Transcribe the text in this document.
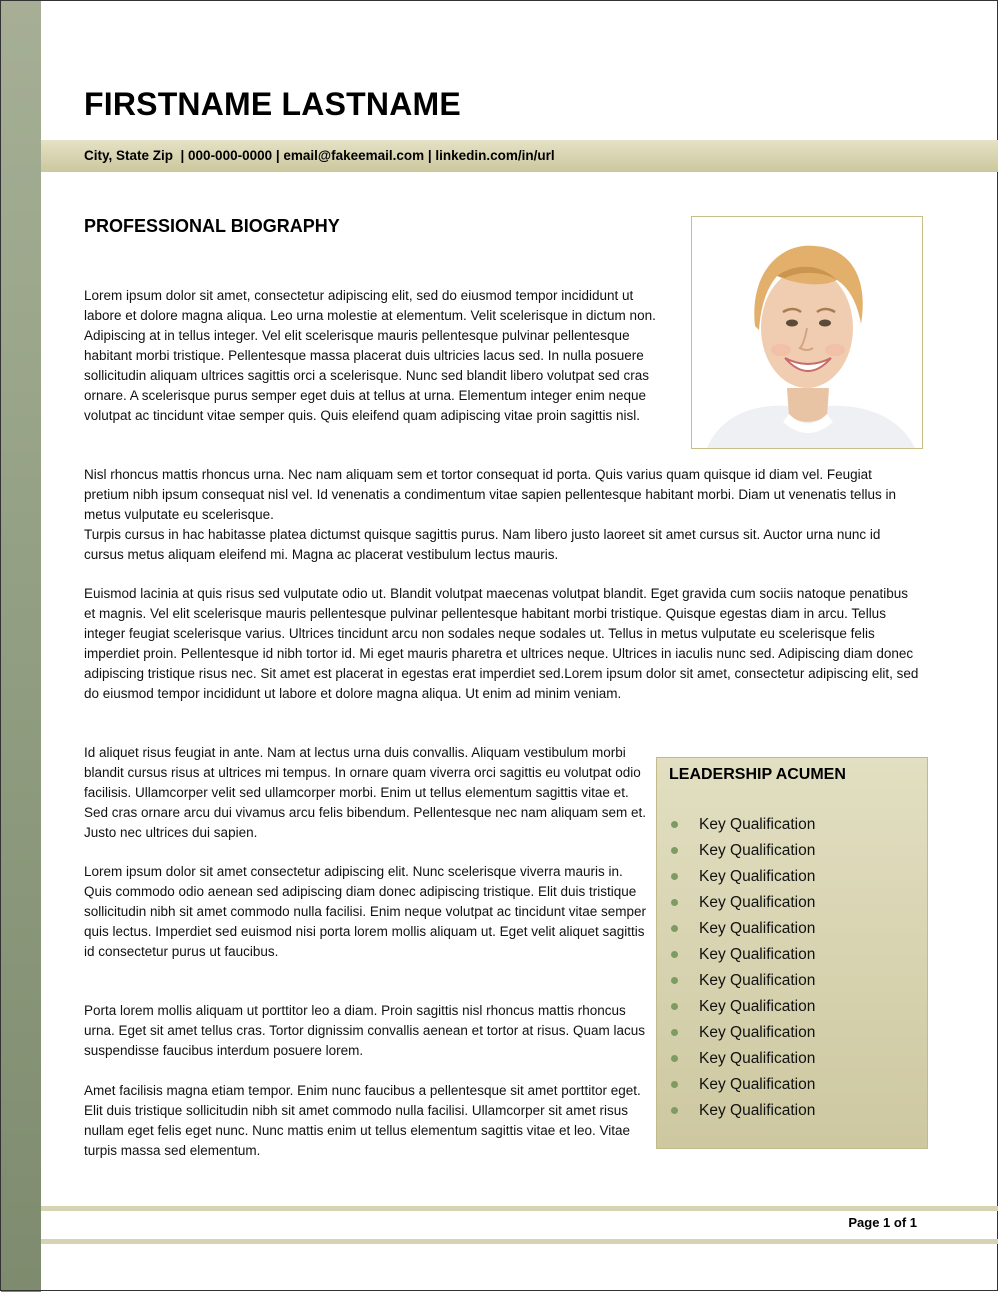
FIRSTNAME LASTNAME
City, State Zip  | 000-000-0000 | email@fakeemail.com | linkedin.com/in/url
PROFESSIONAL BIOGRAPHY

Lorem ipsum dolor sit amet, consectetur adipiscing elit, sed do eiusmod tempor incididunt ut labore et dolore magna aliqua. Leo urna molestie at elementum. Velit scelerisque in dictum non. Adipiscing at in tellus integer. Vel elit scelerisque mauris pellentesque pulvinar pellentesque habitant morbi tristique. Pellentesque massa placerat duis ultricies lacus sed. In nulla posuere sollicitudin aliquam ultrices sagittis orci a scelerisque. Nunc sed blandit libero volutpat sed cras ornare. A scelerisque purus semper eget duis at tellus at urna. Elementum integer enim neque volutpat ac tincidunt vitae semper quis. Quis eleifend quam adipiscing vitae proin sagittis nisl.

Nisl rhoncus mattis rhoncus urna. Nec nam aliquam sem et tortor consequat id porta. Quis varius quam quisque id diam vel. Feugiat pretium nibh ipsum consequat nisl vel. Id venenatis a condimentum vitae sapien pellentesque habitant morbi. Diam ut venenatis tellus in metus vulputate eu scelerisque.
Turpis cursus in hac habitasse platea dictumst quisque sagittis purus. Nam libero justo laoreet sit amet cursus sit. Auctor urna nunc id cursus metus aliquam eleifend mi. Magna ac placerat vestibulum lectus mauris.

Euismod lacinia at quis risus sed vulputate odio ut. Blandit volutpat maecenas volutpat blandit. Eget gravida cum sociis natoque penatibus et magnis. Vel elit scelerisque mauris pellentesque pulvinar pellentesque habitant morbi tristique. Quisque egestas diam in arcu. Tellus integer feugiat scelerisque varius. Ultrices tincidunt arcu non sodales neque sodales ut. Tellus in metus vulputate eu scelerisque felis imperdiet proin. Pellentesque id nibh tortor id. Mi eget mauris pharetra et ultrices neque. Ultrices in iaculis nunc sed. Adipiscing diam donec adipiscing tristique risus nec. Sit amet est placerat in egestas erat imperdiet sed.Lorem ipsum dolor sit amet, consectetur adipiscing elit, sed do eiusmod tempor incididunt ut labore et dolore magna aliqua. Ut enim ad minim veniam.

Id aliquet risus feugiat in ante. Nam at lectus urna duis convallis. Aliquam vestibulum morbi blandit cursus risus at ultrices mi tempus. In ornare quam viverra orci sagittis eu volutpat odio facilisis. Ullamcorper velit sed ullamcorper morbi. Enim ut tellus elementum sagittis vitae et. Sed cras ornare arcu dui vivamus arcu felis bibendum. Pellentesque nec nam aliquam sem et. Justo nec ultrices dui sapien.

Lorem ipsum dolor sit amet consectetur adipiscing elit. Nunc scelerisque viverra mauris in. Quis commodo odio aenean sed adipiscing diam donec adipiscing tristique. Elit duis tristique sollicitudin nibh sit amet commodo nulla facilisi. Enim neque volutpat ac tincidunt vitae semper quis lectus. Imperdiet sed euismod nisi porta lorem mollis aliquam ut. Eget velit aliquet sagittis id consectetur purus ut faucibus.

Porta lorem mollis aliquam ut porttitor leo a diam. Proin sagittis nisl rhoncus mattis rhoncus urna. Eget sit amet tellus cras. Tortor dignissim convallis aenean et tortor at risus. Quam lacus suspendisse faucibus interdum posuere lorem.

Amet facilisis magna etiam tempor. Enim nunc faucibus a pellentesque sit amet porttitor eget. Elit duis tristique sollicitudin nibh sit amet commodo nulla facilisi. Ullamcorper sit amet risus nullam eget felis eget nunc. Nunc mattis enim ut tellus elementum sagittis vitae et leo. Vitae turpis massa sed elementum.

LEADERSHIP ACUMEN
Key Qualification
Key Qualification
Key Qualification
Key Qualification
Key Qualification
Key Qualification
Key Qualification
Key Qualification
Key Qualification
Key Qualification
Key Qualification
Key Qualification
Page 1 of 1
